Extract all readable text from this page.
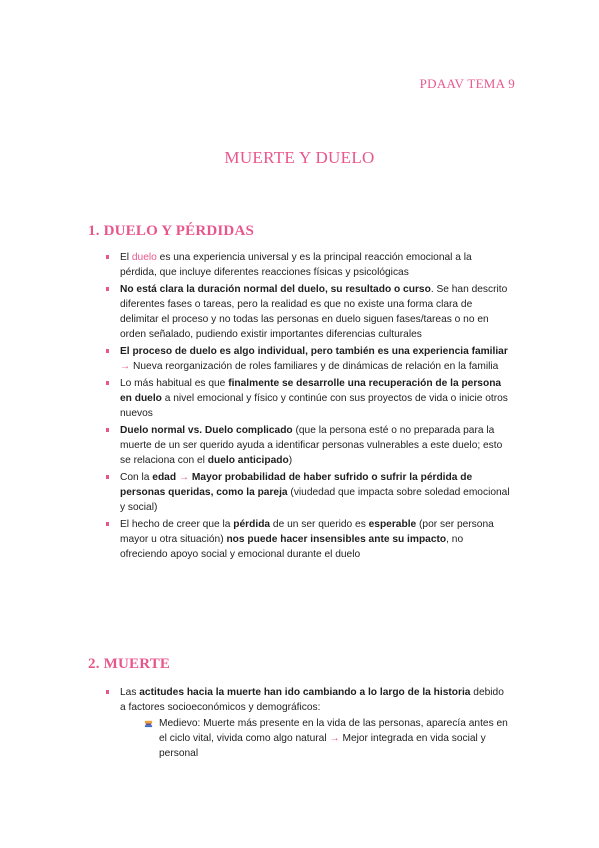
PDAAV TEMA 9
MUERTE Y DUELO
1. DUELO Y PÉRDIDAS
El duelo es una experiencia universal y es la principal reacción emocional a la pérdida, que incluye diferentes reacciones físicas y psicológicas
No está clara la duración normal del duelo, su resultado o curso. Se han descrito diferentes fases o tareas, pero la realidad es que no existe una forma clara de delimitar el proceso y no todas las personas en duelo siguen fases/tareas o no en orden señalado, pudiendo existir importantes diferencias culturales
El proceso de duelo es algo individual, pero también es una experiencia familiar → Nueva reorganización de roles familiares y de dinámicas de relación en la familia
Lo más habitual es que finalmente se desarrolle una recuperación de la persona en duelo a nivel emocional y físico y continúe con sus proyectos de vida o inicie otros nuevos
Duelo normal vs. Duelo complicado (que la persona esté o no preparada para la muerte de un ser querido ayuda a identificar personas vulnerables a este duelo; esto se relaciona con el duelo anticipado)
Con la edad → Mayor probabilidad de haber sufrido o sufrir la pérdida de personas queridas, como la pareja (viudedad que impacta sobre soledad emocional y social)
El hecho de creer que la pérdida de un ser querido es esperable (por ser persona mayor u otra situación) nos puede hacer insensibles ante su impacto, no ofreciendo apoyo social y emocional durante el duelo
2. MUERTE
Las actitudes hacia la muerte han ido cambiando a lo largo de la historia debido a factores socioeconómicos y demográficos:
Medievo: Muerte más presente en la vida de las personas, aparecía antes en el ciclo vital, vivida como algo natural → Mejor integrada en vida social y personal
